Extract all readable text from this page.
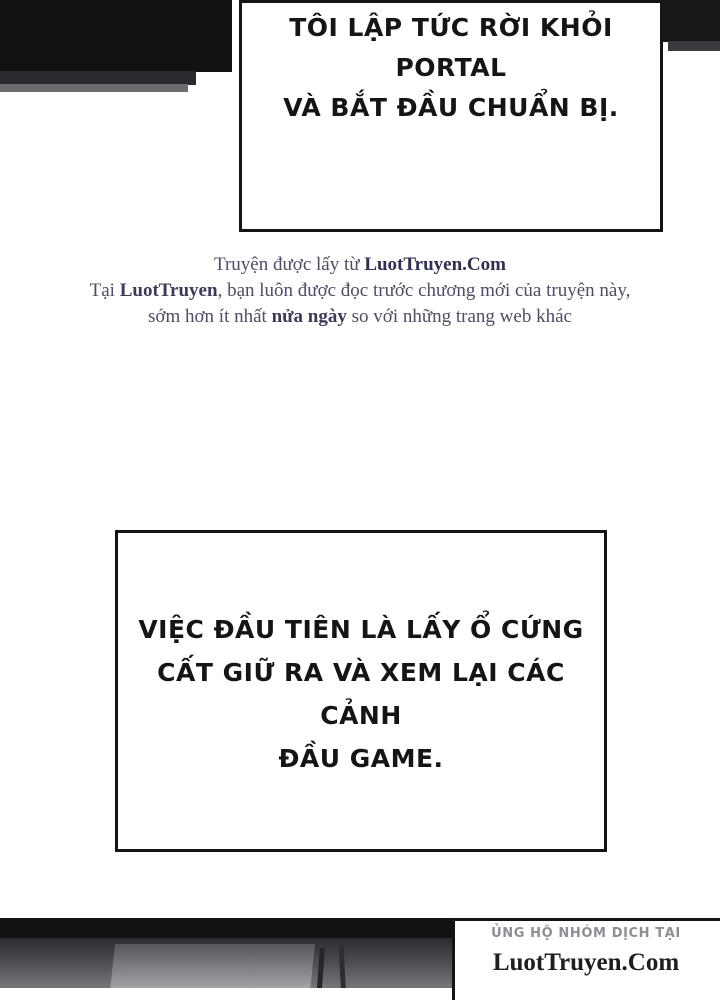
TÔI LẬP TỨC RỜI KHỎI PORTAL
VÀ BẮT ĐẦU CHUẨN BỊ.
Truyện được lấy từ LuotTruyen.Com
Tại LuotTruyen, bạn luôn được đọc trước chương mới của truyện này,
sớm hơn ít nhất nửa ngày so với những trang web khác
VIỆC ĐẦU TIÊN LÀ LẤY Ổ CỨNG
CẤT GIỮ RA VÀ XEM LẠI CÁC CẢNH
ĐẦU GAME.
ỦNG HỘ NHÓM DỊCH TẠI
LuotTruyen.Com
